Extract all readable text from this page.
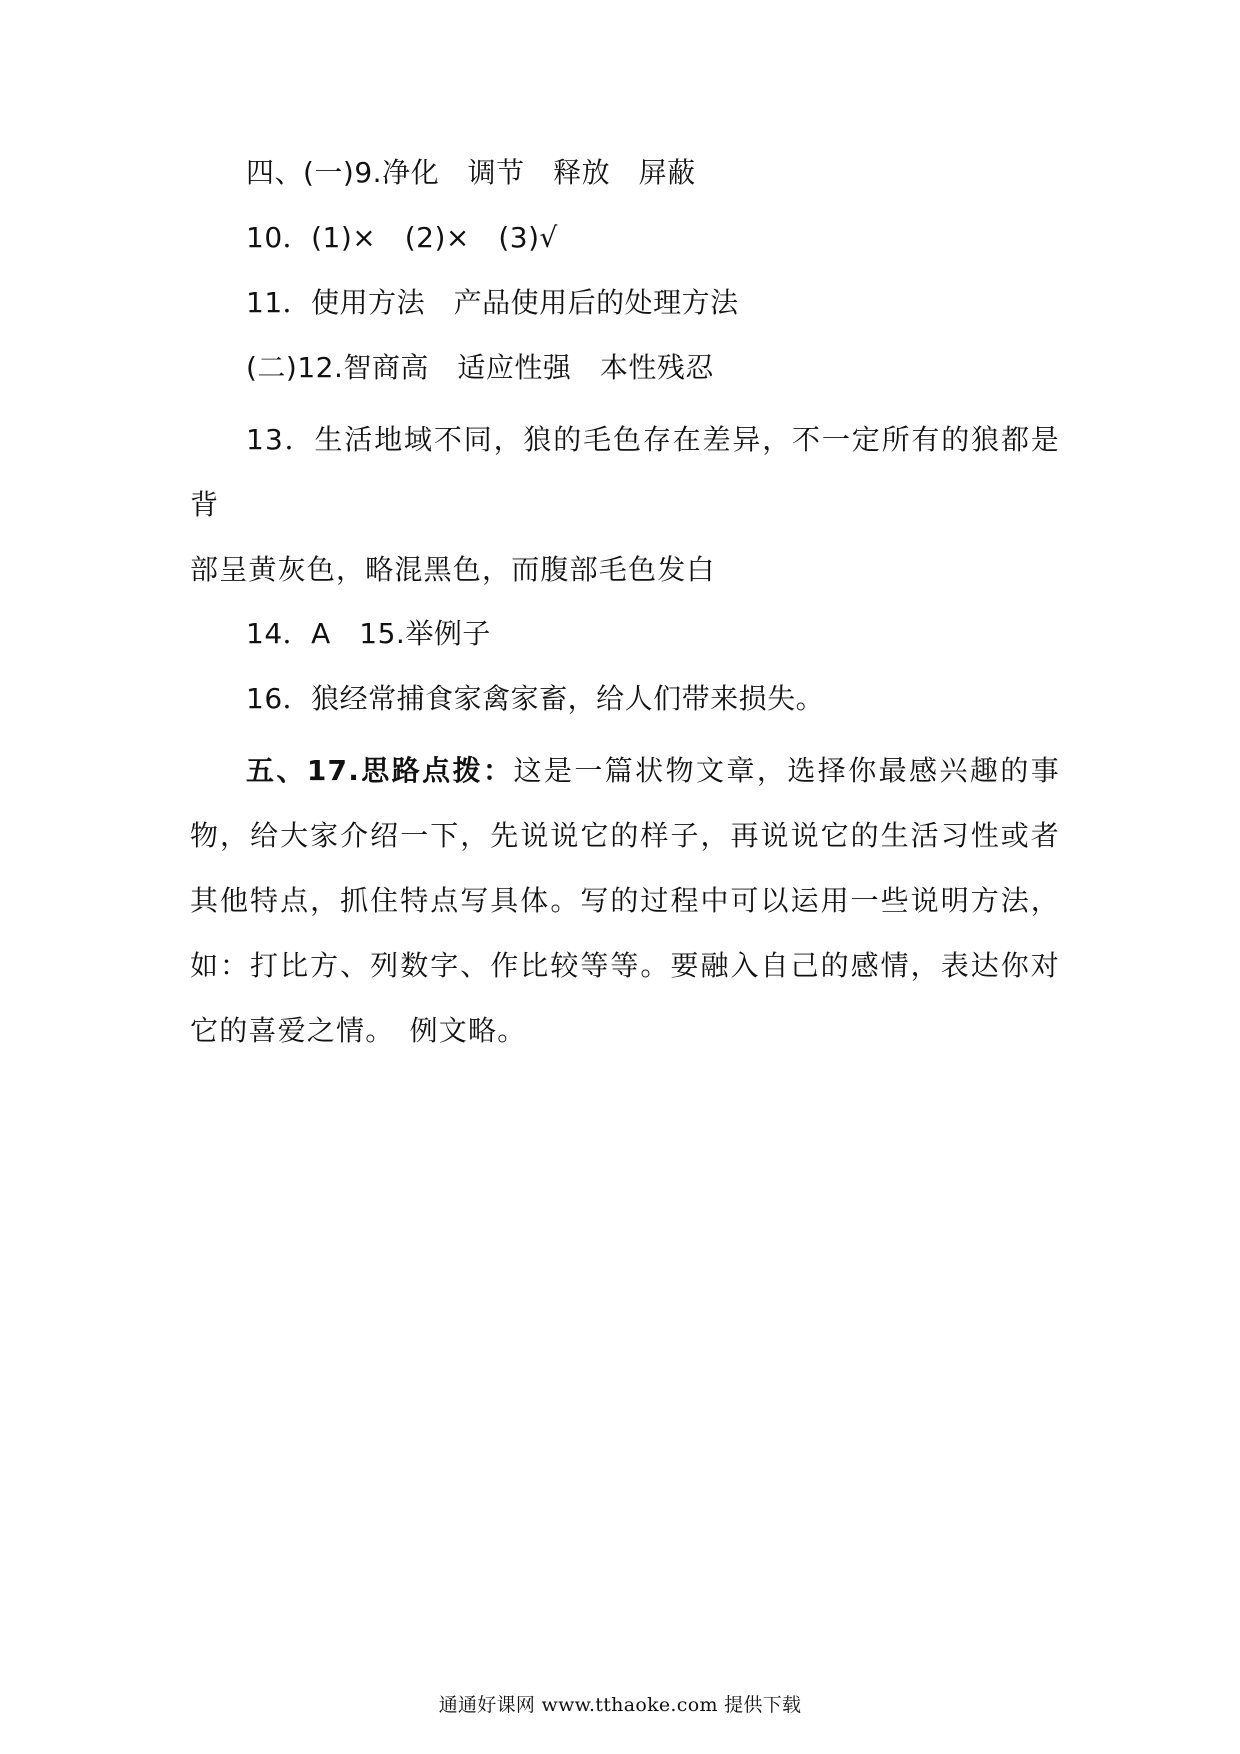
四、(一)9.净化　调节　释放　屏蔽
10．(1)×　(2)×　(3)√
11．使用方法　产品使用后的处理方法
(二)12.智商高　适应性强　本性残忍
13．生活地域不同，狼的毛色存在差异，不一定所有的狼都是背
部呈黄灰色，略混黑色，而腹部毛色发白
14．A　15.举例子
16．狼经常捕食家禽家畜，给人们带来损失。
五、17.思路点拨：这是一篇状物文章，选择你最感兴趣的事物，给大家介绍一下，先说说它的样子，再说说它的生活习性或者其他特点，抓住特点写具体。写的过程中可以运用一些说明方法，如：打比方、列数字、作比较等等。要融入自己的感情，表达你对它的喜爱之情。　例文略。
通通好课网 www.tthaoke.com 提供下载
